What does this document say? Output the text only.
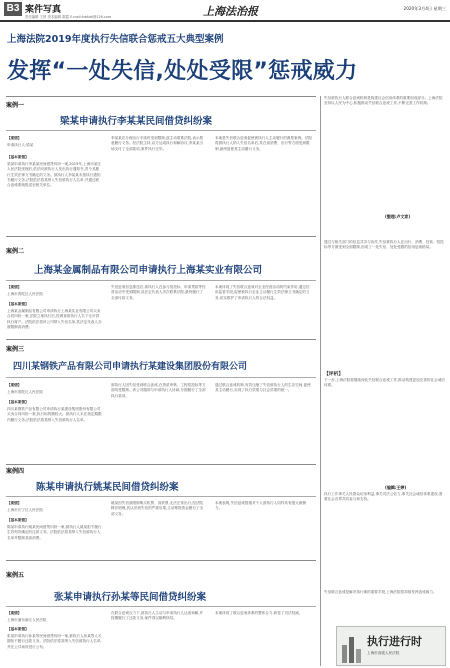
B3 案件写真
责任编辑 王婷 美术编辑 陈霞 E-mail:fzbfzbl@126.com	上海法治报	2020年3月4日 星期三
上海法院2019年度执行失信联合惩戒五大典型案例
发挥“一处失信,处处受限”惩戒威力
案例一
梁某申请执行李某某民间借贷纠纷案
【案情】
申请执行人:梁某
【基本案情】
梁某申请执行李某某民间借贷纠纷一案,2019年,上海市某区人民法院受理后,依法向被执行人发出执行通知书,责令其履行生效法律文书确定的义务。被执行人李某某未按执行通知书履行义务,法院依法将其纳入失信被执行人名单,并通过联合惩戒系统推送至相关单位。
李某某在办理出行手续时受到限制,遂主动联系法院,表示愿意履行义务。经法院主持,双方达成执行和解协议,李某某当场支付了全部款项,案件执行完毕。
本案是失信联合惩戒促使被执行人主动履行的典型案例。法院将被执行人纳入失信名单后,其在高消费、出行等方面受到限制,最终促使其主动履行义务。
失信被执行人联合惩戒机制是构建社会信用体系的重要组成部分。上海法院坚持以人民为中心,积极推动失信联合惩戒工作,不断完善工作机制。
(整理:卢文家)
案例二
上海某金属制品有限公司申请执行上海某实业有限公司
【案情】
上海市普陀区人民法院
【基本案情】
上海某金属制品有限公司申请执行上海某实业有限公司买卖合同纠纷一案,法院立案执行后,经调查被执行人名下无可供执行财产。法院依法将该公司纳入失信名单,其法定代表人亦被限制高消费。
失信惩戒信息推送后,被执行人在参与招投标、申请贷款等经营活动中受到限制,其法定代表人多次联系法院,最终履行了全部付款义务。
本案体现了失信联合惩戒对企业经营活动的约束作用,通过信用监管手段,促使被执行企业主动履行生效法律文书确定的义务,切实维护了申请执行人的合法权益。
通过与相关部门的信息共享与协作,失信被执行人在出行、消费、经营、招投标等方面受到全面限制,形成了一处失信、处处受限的信用惩戒格局。
案例三
四川某钢铁产品有限公司申请执行某建设集团股份有限公司
【案情】
上海市普陀区人民法院
【基本案情】
四川某钢铁产品有限公司申请执行某建设集团股份有限公司买卖合同纠纷一案,执行标的额较大。被执行人未在指定期限内履行义务,法院依法将其纳入失信被执行人名单。
被执行人因失信受到联合惩戒,在资质审核、工程招投标等方面均受限制。该公司随即与申请执行人协商,分期履行了全部执行款项。
通过联合惩戒机制,有效压缩了失信被执行人的生存空间,促使其主动履行,实现了执行效果与社会效果的统一。
【评析】
下一步,上海法院将继续深化失信联合惩戒工作,推动构建更加完善的社会诚信体系。
(编辑:王婷)
案例四
陈某申请执行姚某民间借贷纠纷案
【案情】
上海市长宁区人民法院
【基本案情】
陈某申请执行姚某民间借贷纠纷一案,被执行人姚某拒不履行生效判决确定的还款义务。法院依法将其纳入失信被执行人名单并限制其高消费。
姚某因失信被限制购买机票、高铁票,无法正常出行,经法院释法明理,其认识到失信的严重后果,主动筹措资金履行了全部义务。
本案表明,失信惩戒措施对个人被执行人同样具有强大威慑力。
执行工作事关人民群众切身利益,事关司法公信力,事关社会诚信体系建设,需要社会各界共同参与和支持。
案例五
张某申请执行孙某等民间借贷纠纷案
【案情】
上海市浦东新区人民法院
【基本案情】
张某申请执行孙某等民间借贷纠纷一案,被执行人孙某等人长期拒不履行还款义务。法院依法将其纳入失信被执行人名单,并在公共场所进行公布。
在联合惩戒压力下,被执行人主动与申请执行人达成和解,并按期履行了还款义务,案件得以顺利执结。
本案体现了联合惩戒体系的整体合力,彰显了司法权威。
失信联合惩戒是解决执行难的重要手段,上海法院将持续发挥惩戒威力。
执行进行时
上海市高级人民法院
